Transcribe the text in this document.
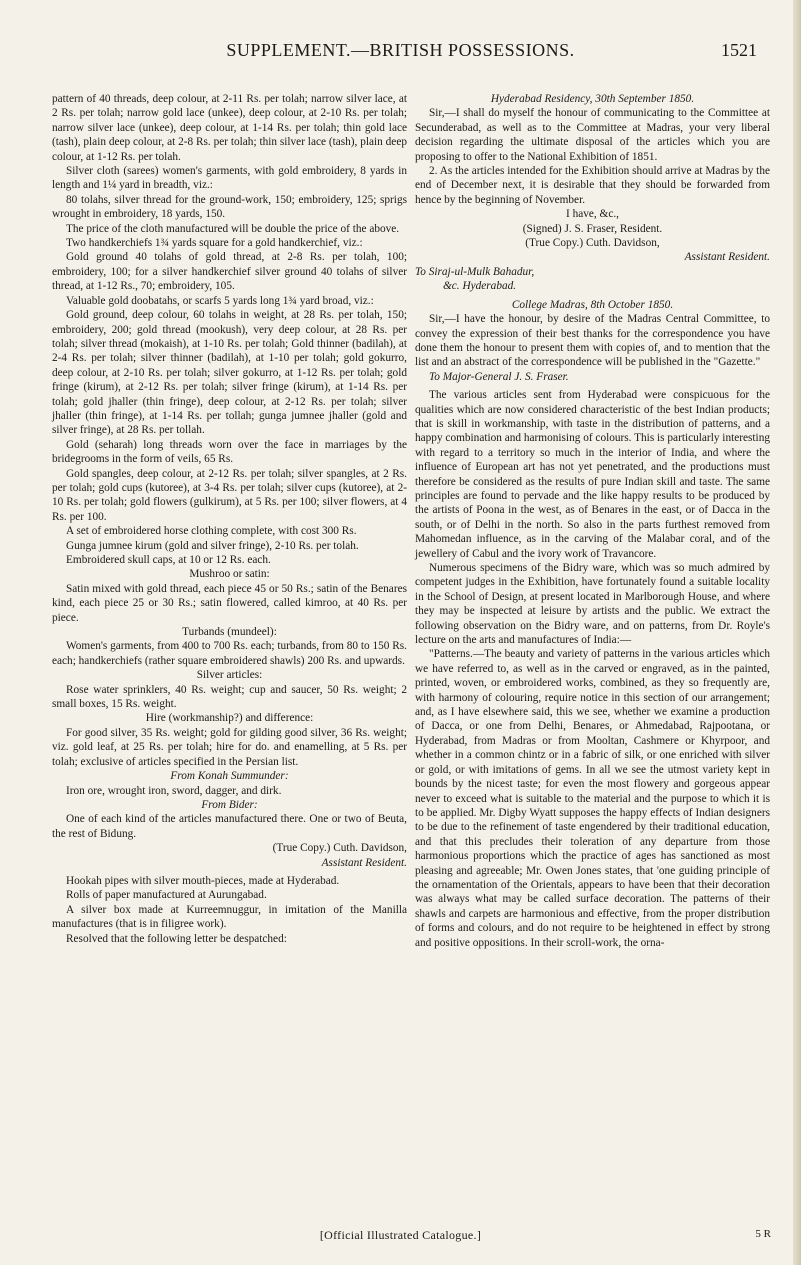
SUPPLEMENT.—BRITISH POSSESSIONS.	1521

pattern of 40 threads, deep colour, at 2-11 Rs. per tolah; narrow silver lace, at 2 Rs. per tolah; narrow gold lace (unkee), deep colour, at 2-10 Rs. per tolah; narrow silver lace (unkee), deep colour, at 1-14 Rs. per tolah; thin gold lace (tash), plain deep colour, at 2-8 Rs. per tolah; thin silver lace (tash), plain deep colour, at 1-12 Rs. per tolah.

Silver cloth (sarees) women's garments, with gold embroidery, 8 yards in length and 1¼ yard in breadth, viz.:

80 tolahs, silver thread for the ground-work, 150; embroidery, 125; sprigs wrought in embroidery, 18 yards, 150.

The price of the cloth manufactured will be double the price of the above.

Two handkerchiefs 1¾ yards square for a gold handkerchief, viz.:

Gold ground 40 tolahs of gold thread, at 2-8 Rs. per tolah, 100; embroidery, 100; for a silver handkerchief silver ground 40 tolahs of silver thread, at 1-12 Rs., 70; embroidery, 105.

Valuable gold doobatahs, or scarfs 5 yards long 1¾ yard broad, viz.:

Gold ground, deep colour, 60 tolahs in weight, at 28 Rs. per tolah, 150; embroidery, 200; gold thread (mookush), very deep colour, at 28 Rs. per tolah; silver thread (mokaish), at 1-10 Rs. per tolah; Gold thinner (badilah), at 2-4 Rs. per tolah; silver thinner (badilah), at 1-10 per tolah; gold gokurro, deep colour, at 2-10 Rs. per tolah; silver gokurro, at 1-12 Rs. per tolah; gold fringe (kirum), at 2-12 Rs. per tolah; silver fringe (kirum), at 1-14 Rs. per tolah; gold jhaller (thin fringe), deep colour, at 2-12 Rs. per tolah; silver jhaller (thin fringe), at 1-14 Rs. per tollah; gunga jumnee jhaller (gold and silver fringe), at 28 Rs. per tollah.

Gold (seharah) long threads worn over the face in marriages by the bridegrooms in the form of veils, 65 Rs.

Gold spangles, deep colour, at 2-12 Rs. per tolah; silver spangles, at 2 Rs. per tolah; gold cups (kutoree), at 3-4 Rs. per tolah; silver cups (kutoree), at 2-10 Rs. per tolah; gold flowers (gulkirum), at 5 Rs. per 100; silver flowers, at 4 Rs. per 100.

A set of embroidered horse clothing complete, with cost 300 Rs.

Gunga jumnee kirum (gold and silver fringe), 2-10 Rs. per tolah.

Embroidered skull caps, at 10 or 12 Rs. each.

Mushroo or satin:

Satin mixed with gold thread, each piece 45 or 50 Rs.; satin of the Benares kind, each piece 25 or 30 Rs.; satin flowered, called kimroo, at 40 Rs. per piece.

Turbands (mundeel):

Women's garments, from 400 to 700 Rs. each; turbands, from 80 to 150 Rs. each; handkerchiefs (rather square embroidered shawls) 200 Rs. and upwards.

Silver articles:

Rose water sprinklers, 40 Rs. weight; cup and saucer, 50 Rs. weight; 2 small boxes, 15 Rs. weight.

Hire (workmanship?) and difference:

For good silver, 35 Rs. weight; gold for gilding good silver, 36 Rs. weight; viz. gold leaf, at 25 Rs. per tolah; hire for do. and enamelling, at 5 Rs. per tolah; exclusive of articles specified in the Persian list.

From Konah Summunder:

Iron ore, wrought iron, sword, dagger, and dirk.

From Bider:

One of each kind of the articles manufactured there. One or two of Beuta, the rest of Bidung.

(True Copy.) Cuth. Davidson,

Assistant Resident.

Hookah pipes with silver mouth-pieces, made at Hyderabad.

Rolls of paper manufactured at Aurungabad.

A silver box made at Kurreemnuggur, in imitation of the Manilla manufactures (that is in filigree work).

Resolved that the following letter be despatched:

Hyderabad Residency, 30th September 1850.

Sir,—I shall do myself the honour of communicating to the Committee at Secunderabad, as well as to the Committee at Madras, your very liberal decision regarding the ultimate disposal of the articles which you are proposing to offer to the National Exhibition of 1851.

2. As the articles intended for the Exhibition should arrive at Madras by the end of December next, it is desirable that they should be forwarded from hence by the beginning of November.

I have, &c.,

(Signed) J. S. Fraser, Resident.

(True Copy.) Cuth. Davidson,

Assistant Resident.

To Siraj-ul-Mulk Bahadur,

&c. Hyderabad.

College Madras, 8th October 1850.

Sir,—I have the honour, by desire of the Madras Central Committee, to convey the expression of their best thanks for the correspondence you have done them the honour to present them with copies of, and to mention that the list and an abstract of the correspondence will be published in the "Gazette."

To Major-General J. S. Fraser.

The various articles sent from Hyderabad were conspicuous for the qualities which are now considered characteristic of the best Indian products; that is skill in workmanship, with taste in the distribution of patterns, and a happy combination and harmonising of colours. This is particularly interesting with regard to a territory so much in the interior of India, and where the influence of European art has not yet penetrated, and the productions must therefore be considered as the results of pure Indian skill and taste. The same principles are found to pervade and the like happy results to be produced by the artists of Poona in the west, as of Benares in the east, or of Dacca in the south, or of Delhi in the north. So also in the parts furthest removed from Mahomedan influence, as in the carving of the Malabar coral, and of the jewellery of Cabul and the ivory work of Travancore.

Numerous specimens of the Bidry ware, which was so much admired by competent judges in the Exhibition, have fortunately found a suitable locality in the School of Design, at present located in Marlborough House, and where they may be inspected at leisure by artists and the public. We extract the following observation on the Bidry ware, and on patterns, from Dr. Royle's lecture on the arts and manufactures of India:—

"Patterns.—The beauty and variety of patterns in the various articles which we have referred to, as well as in the carved or engraved, as in the painted, printed, woven, or embroidered works, combined, as they so frequently are, with harmony of colouring, require notice in this section of our arrangement; and, as I have elsewhere said, this we see, whether we examine a production of Dacca, or one from Delhi, Benares, or Ahmedabad, Rajpootana, or Hyderabad, from Madras or from Mooltan, Cashmere or Khyrpoor, and whether in a common chintz or in a fabric of silk, or one enriched with silver or gold, or with imitations of gems. In all we see the utmost variety kept in bounds by the nicest taste; for even the most flowery and gorgeous appear never to exceed what is suitable to the material and the purpose to which it is to be applied. Mr. Digby Wyatt supposes the happy effects of Indian designers to be due to the refinement of taste engendered by their traditional education, and that this precludes their toleration of any departure from those harmonious proportions which the practice of ages has sanctioned as most pleasing and agreeable; Mr. Owen Jones states, that 'one guiding principle of the ornamentation of the Orientals, appears to have been that their decoration was always what may be called surface decoration. The patterns of their shawls and carpets are harmonious and effective, from the proper distribution of forms and colours, and do not require to be heightened in effect by strong and positive oppositions. In their scroll-work, the orna-

[Official Illustrated Catalogue.]	5 R
